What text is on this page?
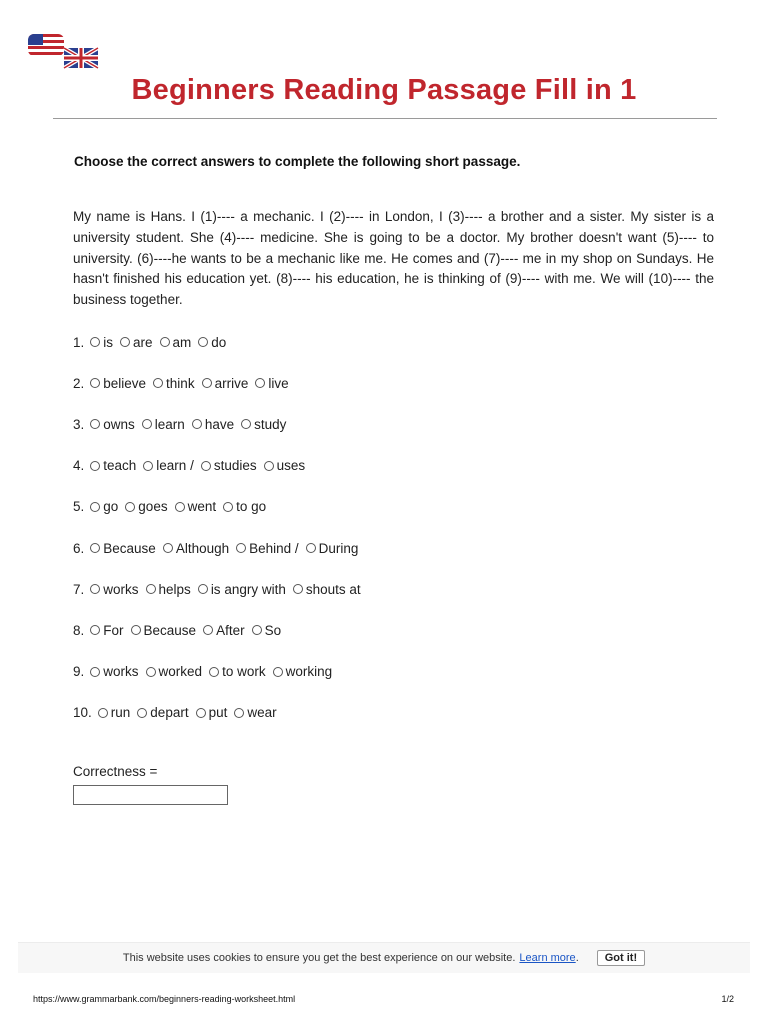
GB
Beginners Reading Passage Fill in 1
Choose the correct answers to complete the following short passage.
My name is Hans. I (1)---- a mechanic. I (2)---- in London, I (3)---- a brother and a sister. My sister is a university student. She (4)---- medicine. She is going to be a doctor. My brother doesn't want (5)---- to university. (6)----he wants to be a mechanic like me. He comes and (7)---- me in my shop on Sundays. He hasn't finished his education yet. (8)---- his education, he is thinking of (9)---- with me. We will (10)---- the business together.
1. is are am do
2. believe think arrive live
3. owns learn have study
4. teach learn / studies uses
5. go goes went to go
6. Because Although Behind / During
7. works helps is angry with shouts at
8. For Because After So
9. works worked to work working
10. run depart put wear
Correctness =
This website uses cookies to ensure you get the best experience on our website. Learn more .	Got it!
https://www.grammarbank.com/beginners-reading-worksheet.html	1/2
